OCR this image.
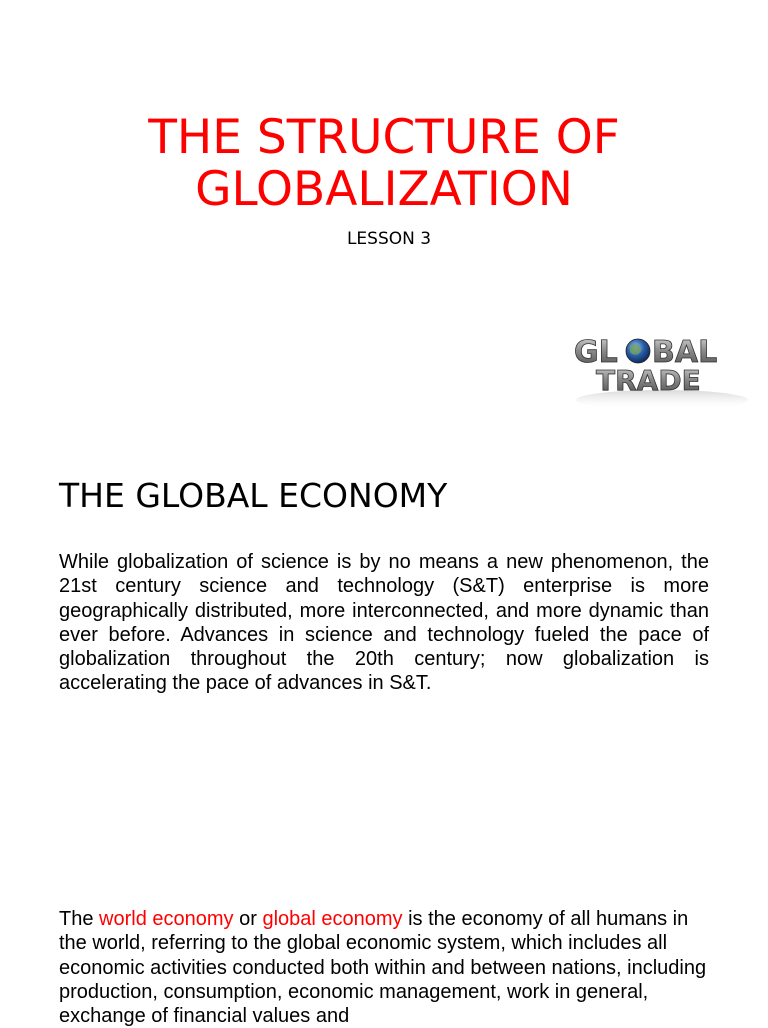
THE STRUCTURE OF GLOBALIZATION
LESSON 3
GL BAL
TRADE
THE GLOBAL ECONOMY

While globalization of science is by no means a new phenomenon, the 21st century science and technology (S&T) enterprise is more geographically distributed, more interconnected, and more dynamic than ever before. Advances in science and technology fueled the pace of globalization throughout the 20th century; now globalization is accelerating the pace of advances in S&T.

The world economy or global economy is the economy of all humans in the world, referring to the global economic system, which includes all economic activities conducted both within and between nations, including production, consumption, economic management, work in general, exchange of financial values and
